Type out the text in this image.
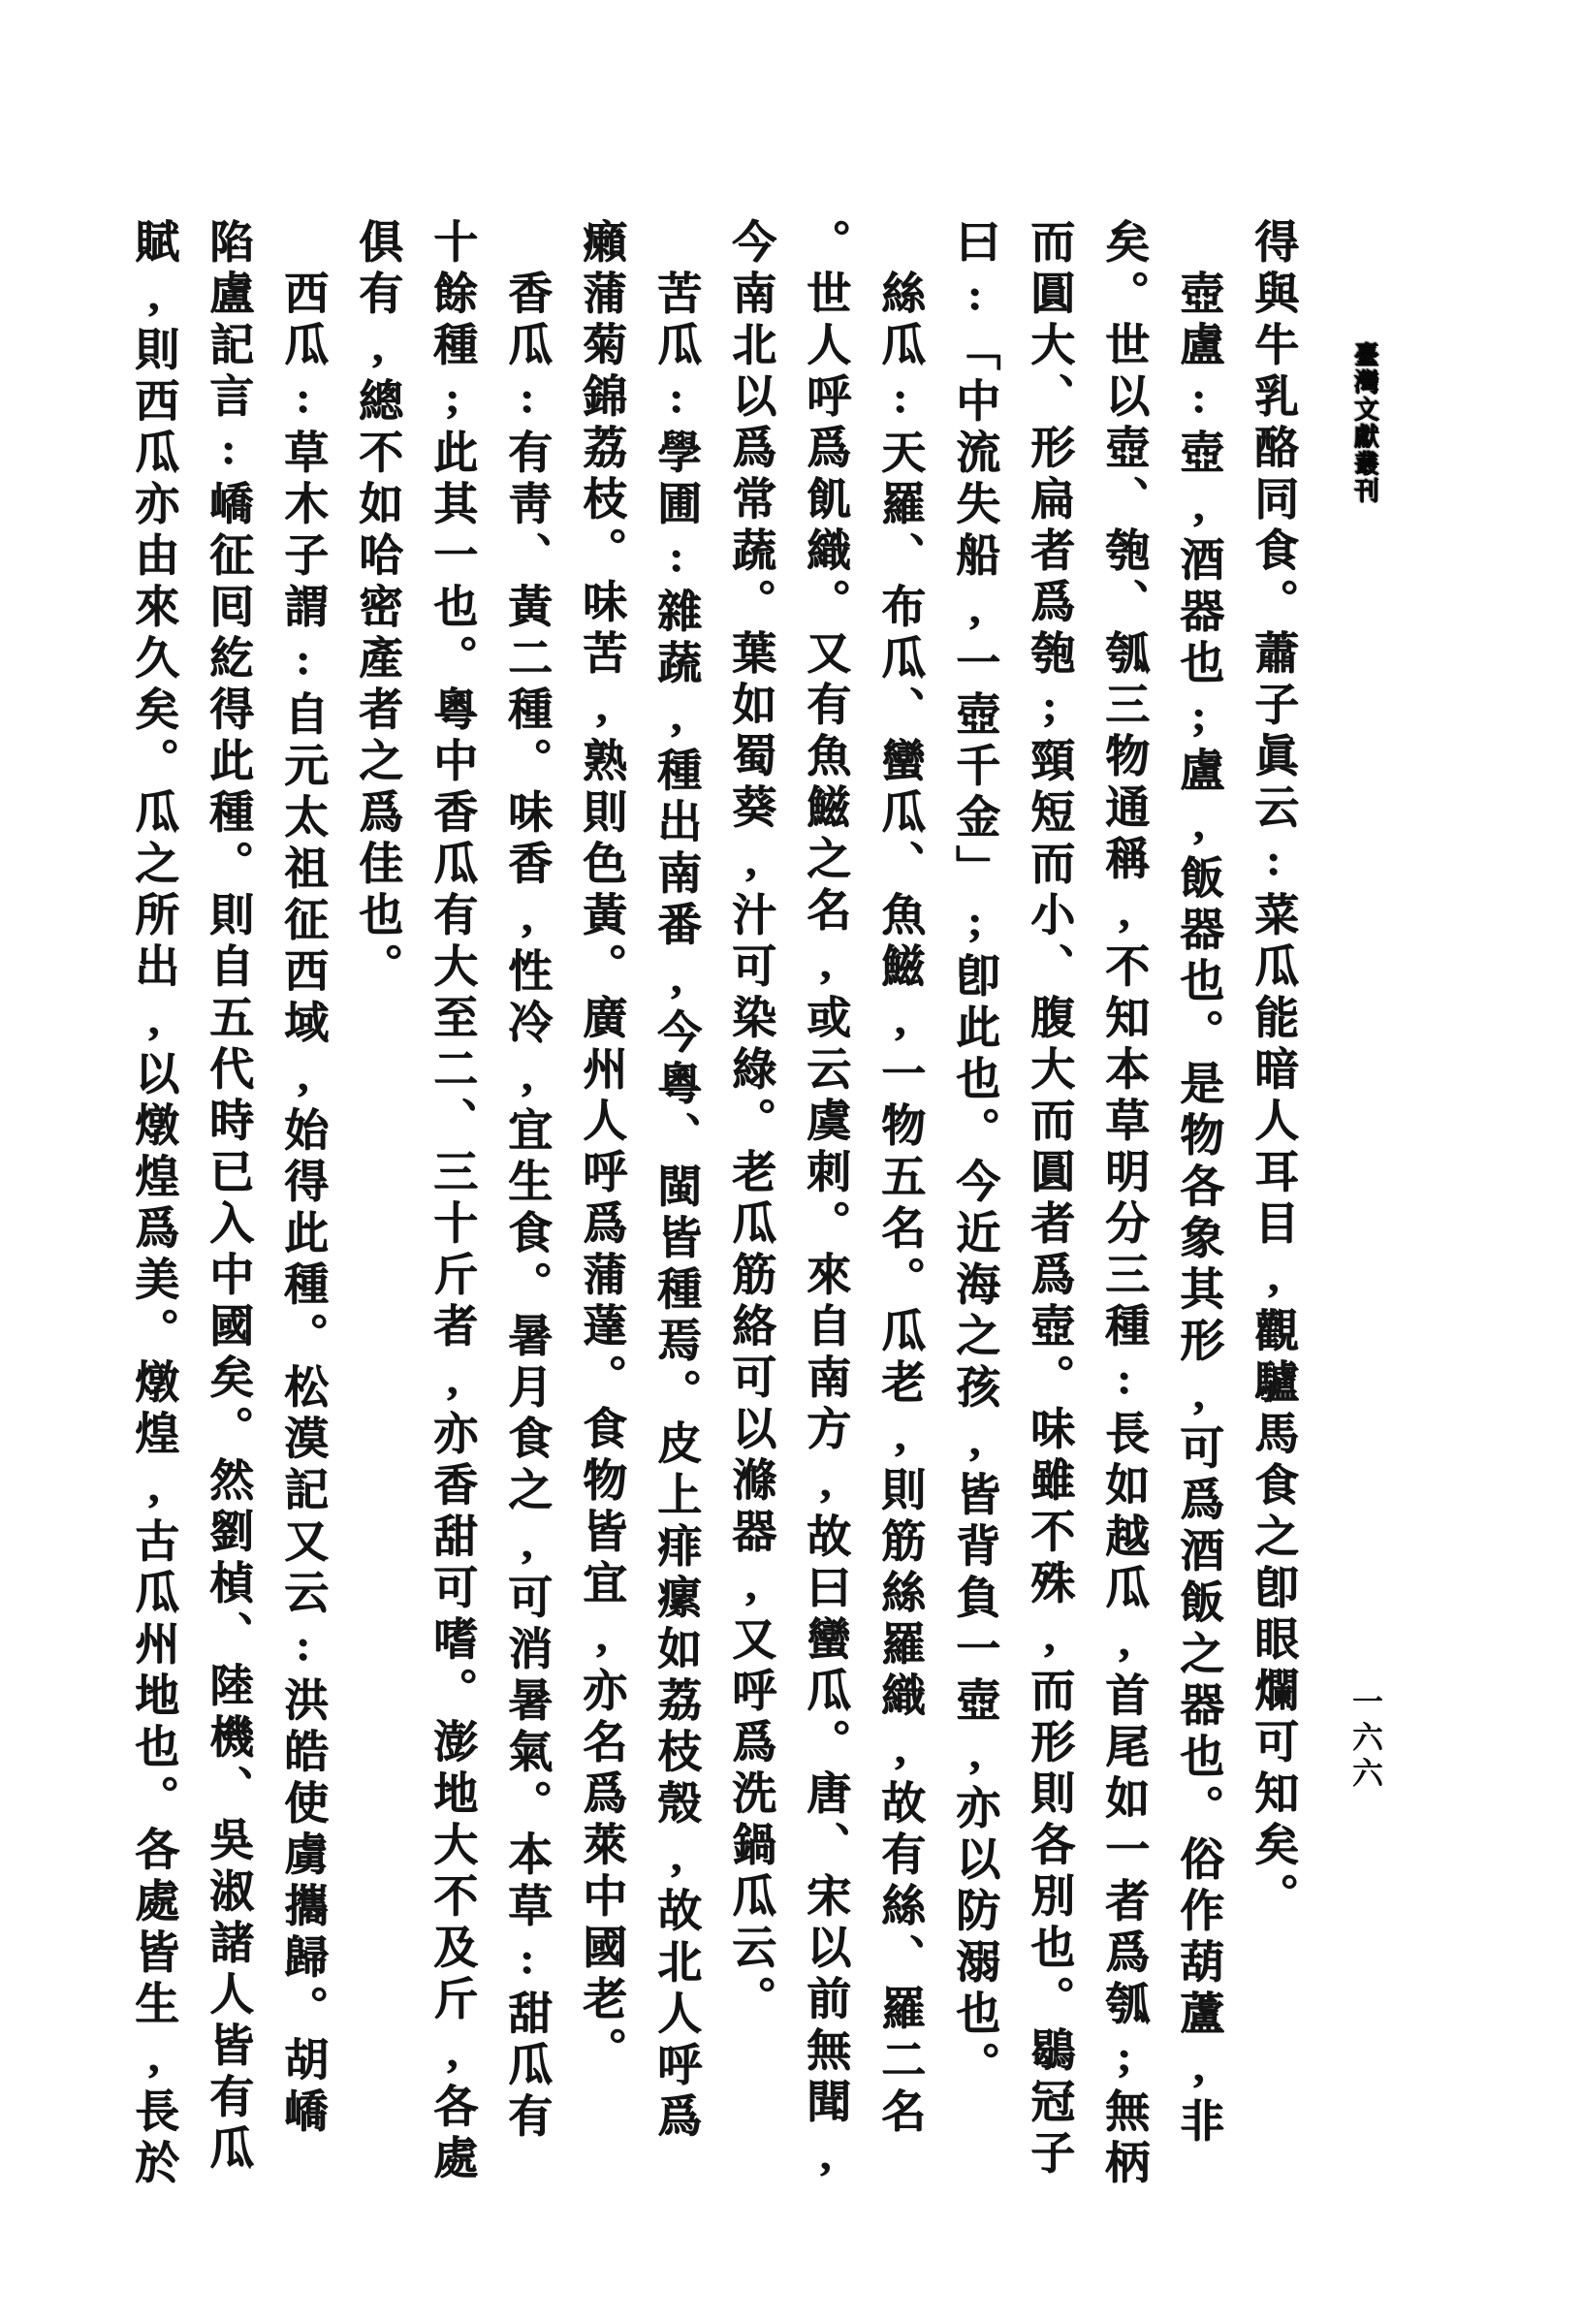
臺灣文獻叢刊
一六六
得與牛乳酪同食。蕭子眞云:菜瓜能暗人耳目,觀驢馬食之卽眼爛可知矣。
壺盧:壺,酒器也;盧,飯器也。是物各象其形,可爲酒飯之器也。俗作葫蘆,非
矣。世以壺、匏、瓠三物通稱,不知本草明分三種:長如越瓜,首尾如一者爲瓠;無柄
而圓大、形扁者爲匏;頸短而小、腹大而圓者爲壺。味雖不殊,而形則各別也。鶡冠子
曰:「中流失船,一壺千金」;卽此也。今近海之孩,皆背負一壺,亦以防溺也。
絲瓜:天羅、布瓜、蠻瓜、魚鰦,一物五名。瓜老,則筋絲羅織,故有絲、羅二名
。世人呼爲飢織。又有魚鰦之名,或云虞刺。來自南方,故曰蠻瓜。唐、宋以前無聞,
今南北以爲常蔬。葉如蜀葵,汁可染綠。老瓜筋絡可以滌器,又呼爲洗鍋瓜云。
苦瓜:學圃:雜蔬,種出南番,今粵、閩皆種焉。皮上痱瘰如荔枝殼,故北人呼爲
癩蒲菊錦荔枝。味苦,熟則色黃。廣州人呼爲蒲薘。食物皆宜,亦名爲萊中國老。
香瓜:有靑、黃二種。味香,性冷,宜生食。暑月食之,可消暑氣。本草:甜瓜有
十餘種;此其一也。粵中香瓜有大至二、三十斤者,亦香甜可嗜。澎地大不及斤,各處
俱有,總不如哈密產者之爲佳也。
西瓜:草木子謂:自元太祖征西域,始得此種。松漠記又云:洪皓使虜攜歸。胡嶠
陷盧記言:嶠征囘紇得此種。則自五代時已入中國矣。然劉楨、陸機、吳淑諸人皆有瓜
賦,則西瓜亦由來久矣。瓜之所出,以燉煌爲美。燉煌,古瓜州地也。各處皆生,長於
